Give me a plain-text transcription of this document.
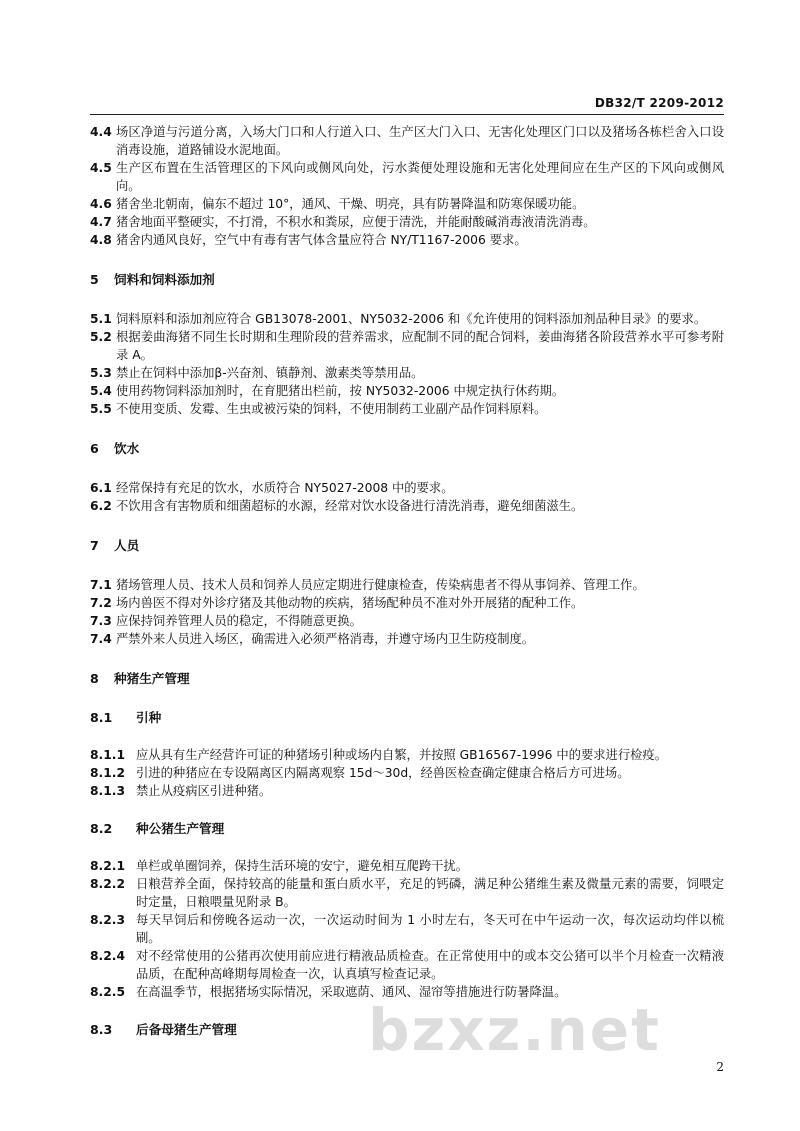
DB32/T 2209-2012
4.4 场区净道与污道分离，入场大门口和人行道入口、生产区大门入口、无害化处理区门口以及猪场各栋栏舍入口设消毒设施，道路铺设水泥地面。
4.5 生产区布置在生活管理区的下风向或侧风向处，污水粪便处理设施和无害化处理间应在生产区的下风向或侧风向。
4.6 猪舍坐北朝南，偏东不超过 10°，通风、干燥、明亮，具有防暑降温和防寒保暖功能。
4.7 猪舍地面平整硬实，不打滑，不积水和粪尿，应便于清洗，并能耐酸碱消毒液清洗消毒。
4.8 猪舍内通风良好，空气中有毒有害气体含量应符合 NY/T1167-2006 要求。
5	饲料和饲料添加剂
5.1 饲料原料和添加剂应符合 GB13078-2001、NY5032-2006 和《允许使用的饲料添加剂品种目录》的要求。
5.2 根据姜曲海猪不同生长时期和生理阶段的营养需求，应配制不同的配合饲料，姜曲海猪各阶段营养水平可参考附录 A。
5.3 禁止在饲料中添加β-兴奋剂、镇静剂、激素类等禁用品。
5.4 使用药物饲料添加剂时，在育肥猪出栏前，按 NY5032-2006 中规定执行休药期。
5.5 不使用变质、发霉、生虫或被污染的饲料，不使用制药工业副产品作饲料原料。
6	饮水
6.1 经常保持有充足的饮水，水质符合 NY5027-2008 中的要求。
6.2 不饮用含有害物质和细菌超标的水源，经常对饮水设备进行清洗消毒，避免细菌滋生。
7	人员
7.1 猪场管理人员、技术人员和饲养人员应定期进行健康检查，传染病患者不得从事饲养、管理工作。
7.2 场内兽医不得对外诊疗猪及其他动物的疾病，猪场配种员不准对外开展猪的配种工作。
7.3 应保持饲养管理人员的稳定，不得随意更换。
7.4 严禁外来人员进入场区，确需进入必须严格消毒，并遵守场内卫生防疫制度。
8	种猪生产管理
8.1	引种
8.1.1 应从具有生产经营许可证的种猪场引种或场内自繁，并按照 GB16567-1996 中的要求进行检疫。
8.1.2 引进的种猪应在专设隔离区内隔离观察 15d～30d，经兽医检查确定健康合格后方可进场。
8.1.3 禁止从疫病区引进种猪。
8.2	种公猪生产管理
8.2.1 单栏或单圈饲养，保持生活环境的安宁，避免相互爬跨干扰。
8.2.2 日粮营养全面，保持较高的能量和蛋白质水平，充足的钙磷，满足种公猪维生素及微量元素的需要，饲喂定时定量，日粮喂量见附录 B。
8.2.3 每天早饲后和傍晚各运动一次，一次运动时间为 1 小时左右，冬天可在中午运动一次，每次运动均伴以梳刷。
8.2.4 对不经常使用的公猪再次使用前应进行精液品质检查。在正常使用中的或本交公猪可以半个月检查一次精液品质，在配种高峰期每周检查一次，认真填写检查记录。
8.2.5 在高温季节，根据猪场实际情况，采取遮荫、通风、湿帘等措施进行防暑降温。
8.3	后备母猪生产管理 bzxz.net
2
